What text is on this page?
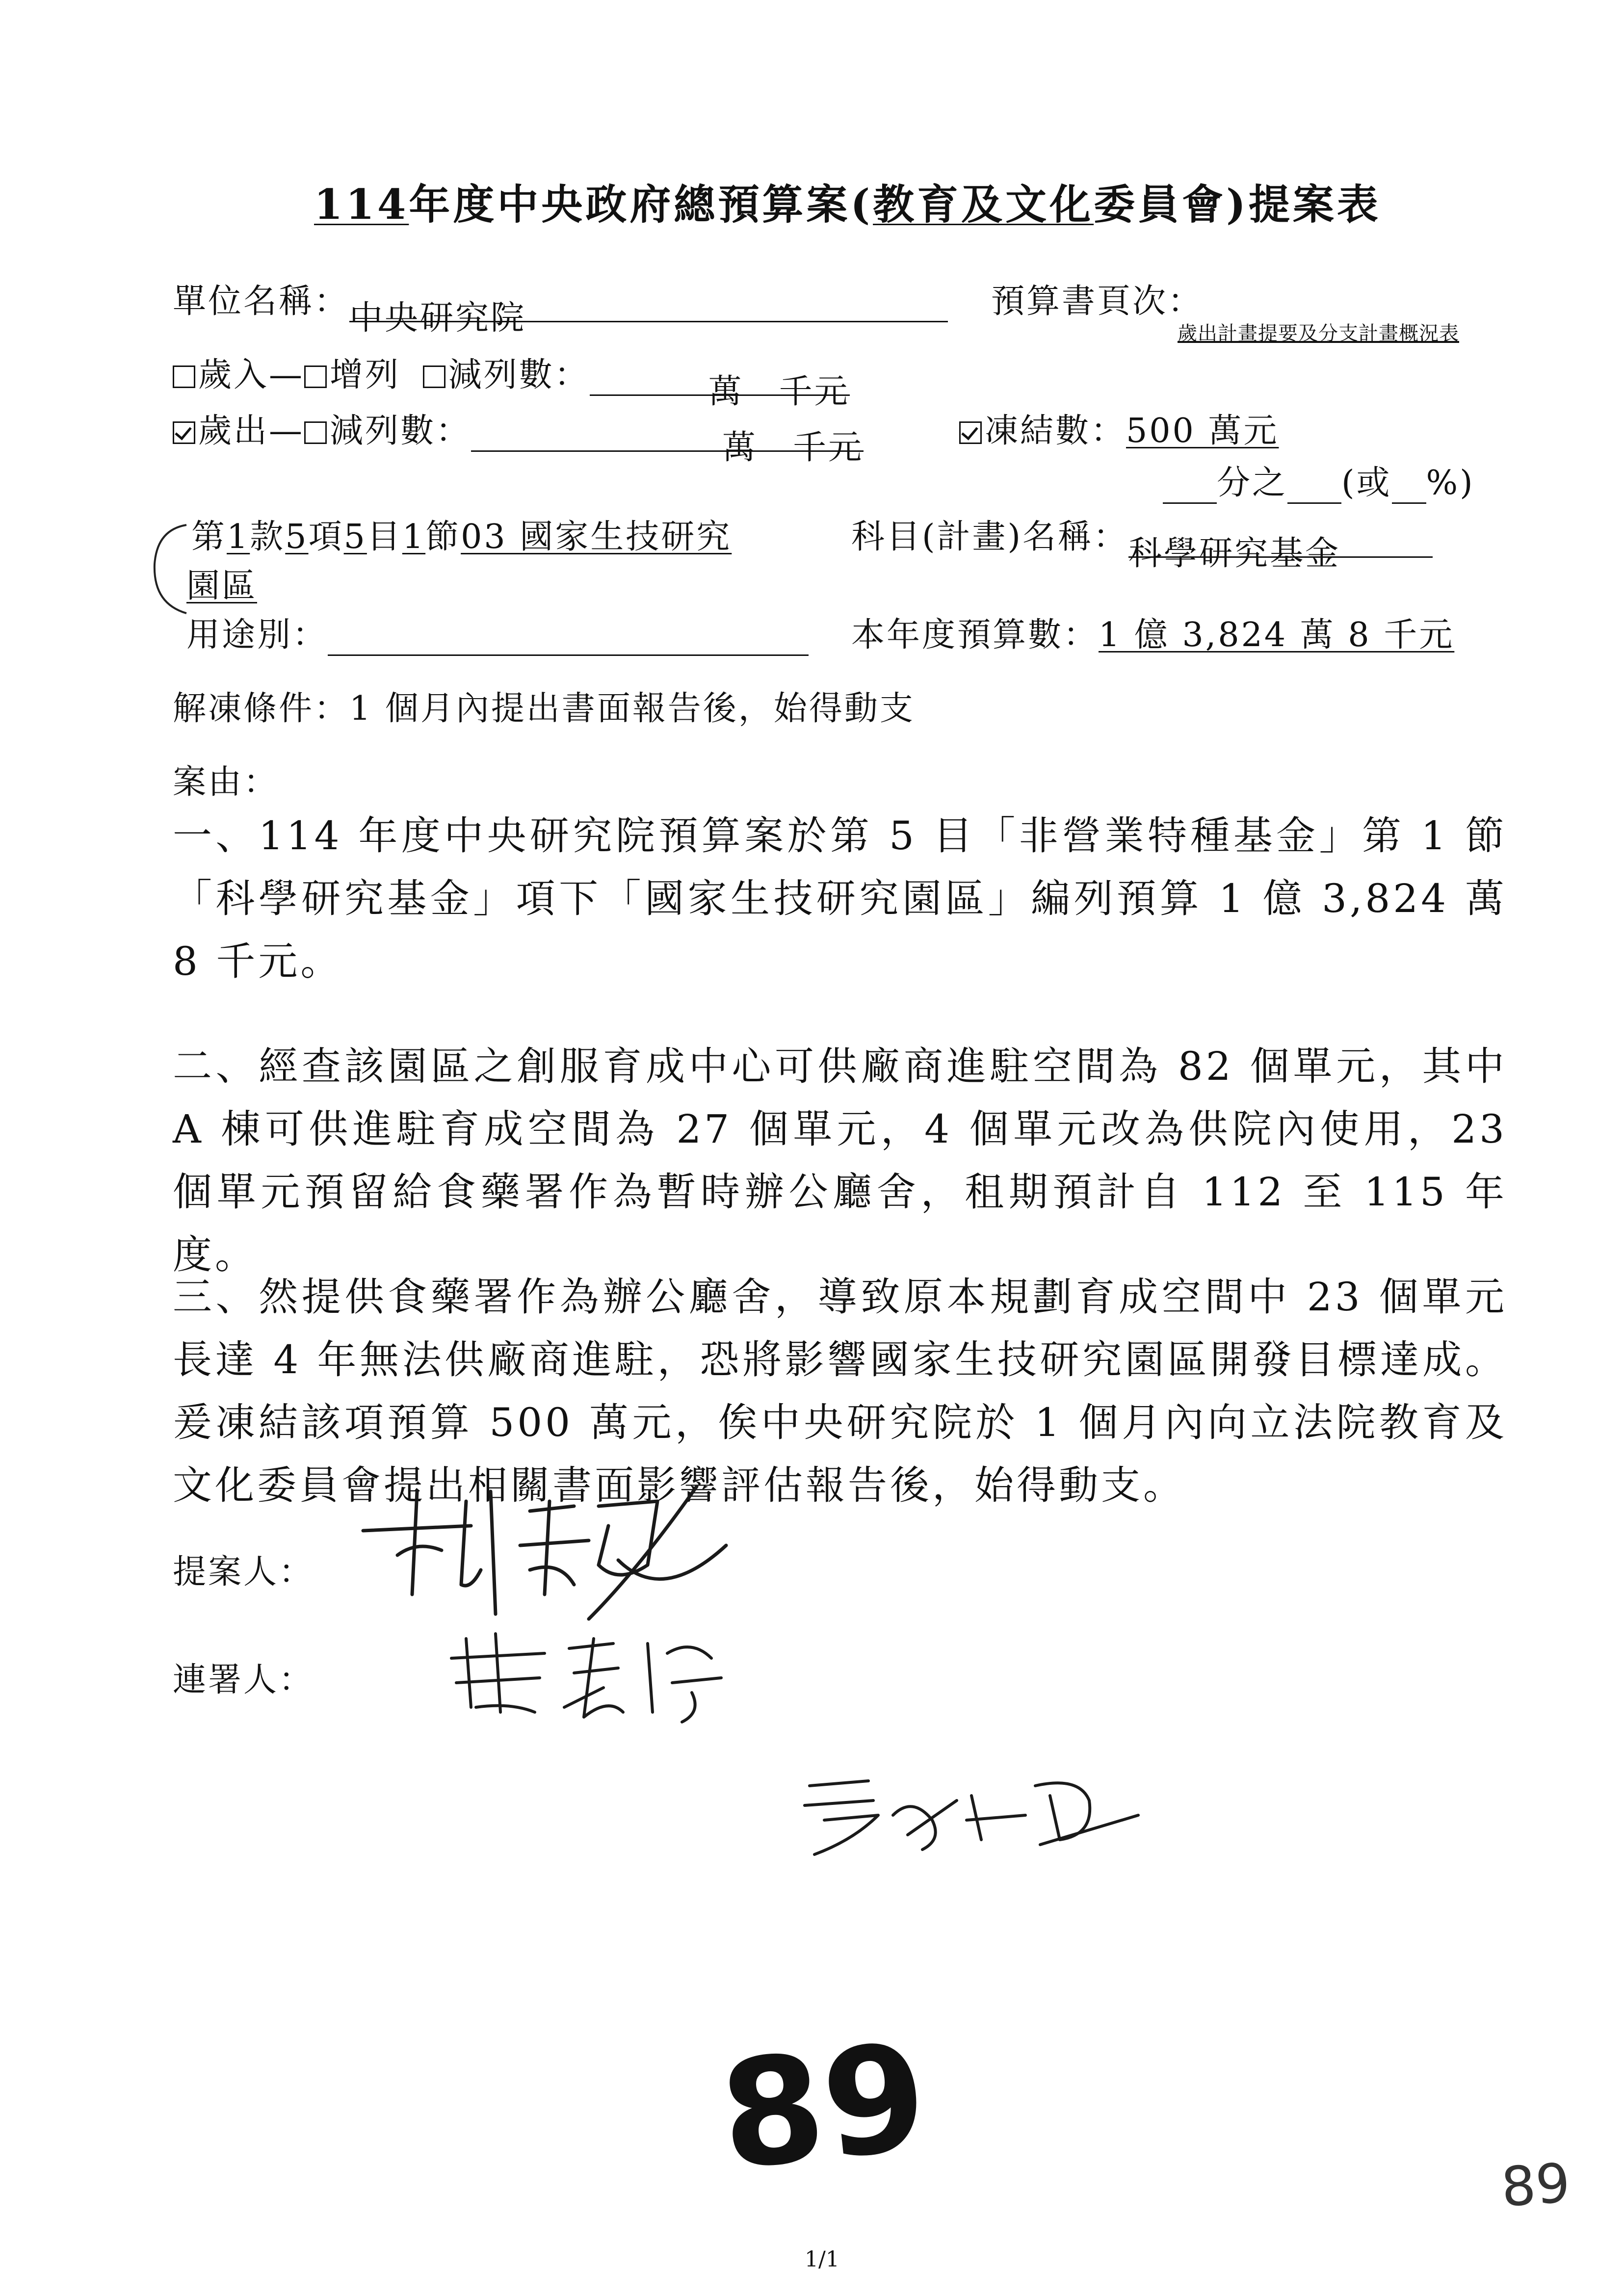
114年度中央政府總預算案(教育及文化委員會)提案表
單位名稱：中央研究院	預算書頁次：
歲出計畫提要及分支計畫概況表
歲入— 增列 減列數：	萬　千元
歲出— 減列數：	萬　千元	凍結數：500 萬元
分之 (或 %)
第1款5項5目1節03 國家生技研究	科目(計畫)名稱：科學研究基金
園區
用途別：	本年度預算數：1 億 3,824 萬 8 千元
解凍條件：1 個月內提出書面報告後，始得動支
案由：
一、114 年度中央研究院預算案於第 5 目「非營業特種基金」第 1 節「科學研究基金」項下「國家生技研究園區」編列預算 1 億 3,824 萬 8 千元。
二、經查該園區之創服育成中心可供廠商進駐空間為 82 個單元，其中 A 棟可供進駐育成空間為 27 個單元，4 個單元改為供院內使用，23 個單元預留給食藥署作為暫時辦公廳舍，租期預計自 112 至 115 年度。
三、然提供食藥署作為辦公廳舍，導致原本規劃育成空間中 23 個單元長達 4 年無法供廠商進駐，恐將影響國家生技研究園區開發目標達成。爰凍結該項預算 500 萬元，俟中央研究院於 1 個月內向立法院教育及文化委員會提出相關書面影響評估報告後，始得動支。
提案人：
連署人：
89	89
1/1
